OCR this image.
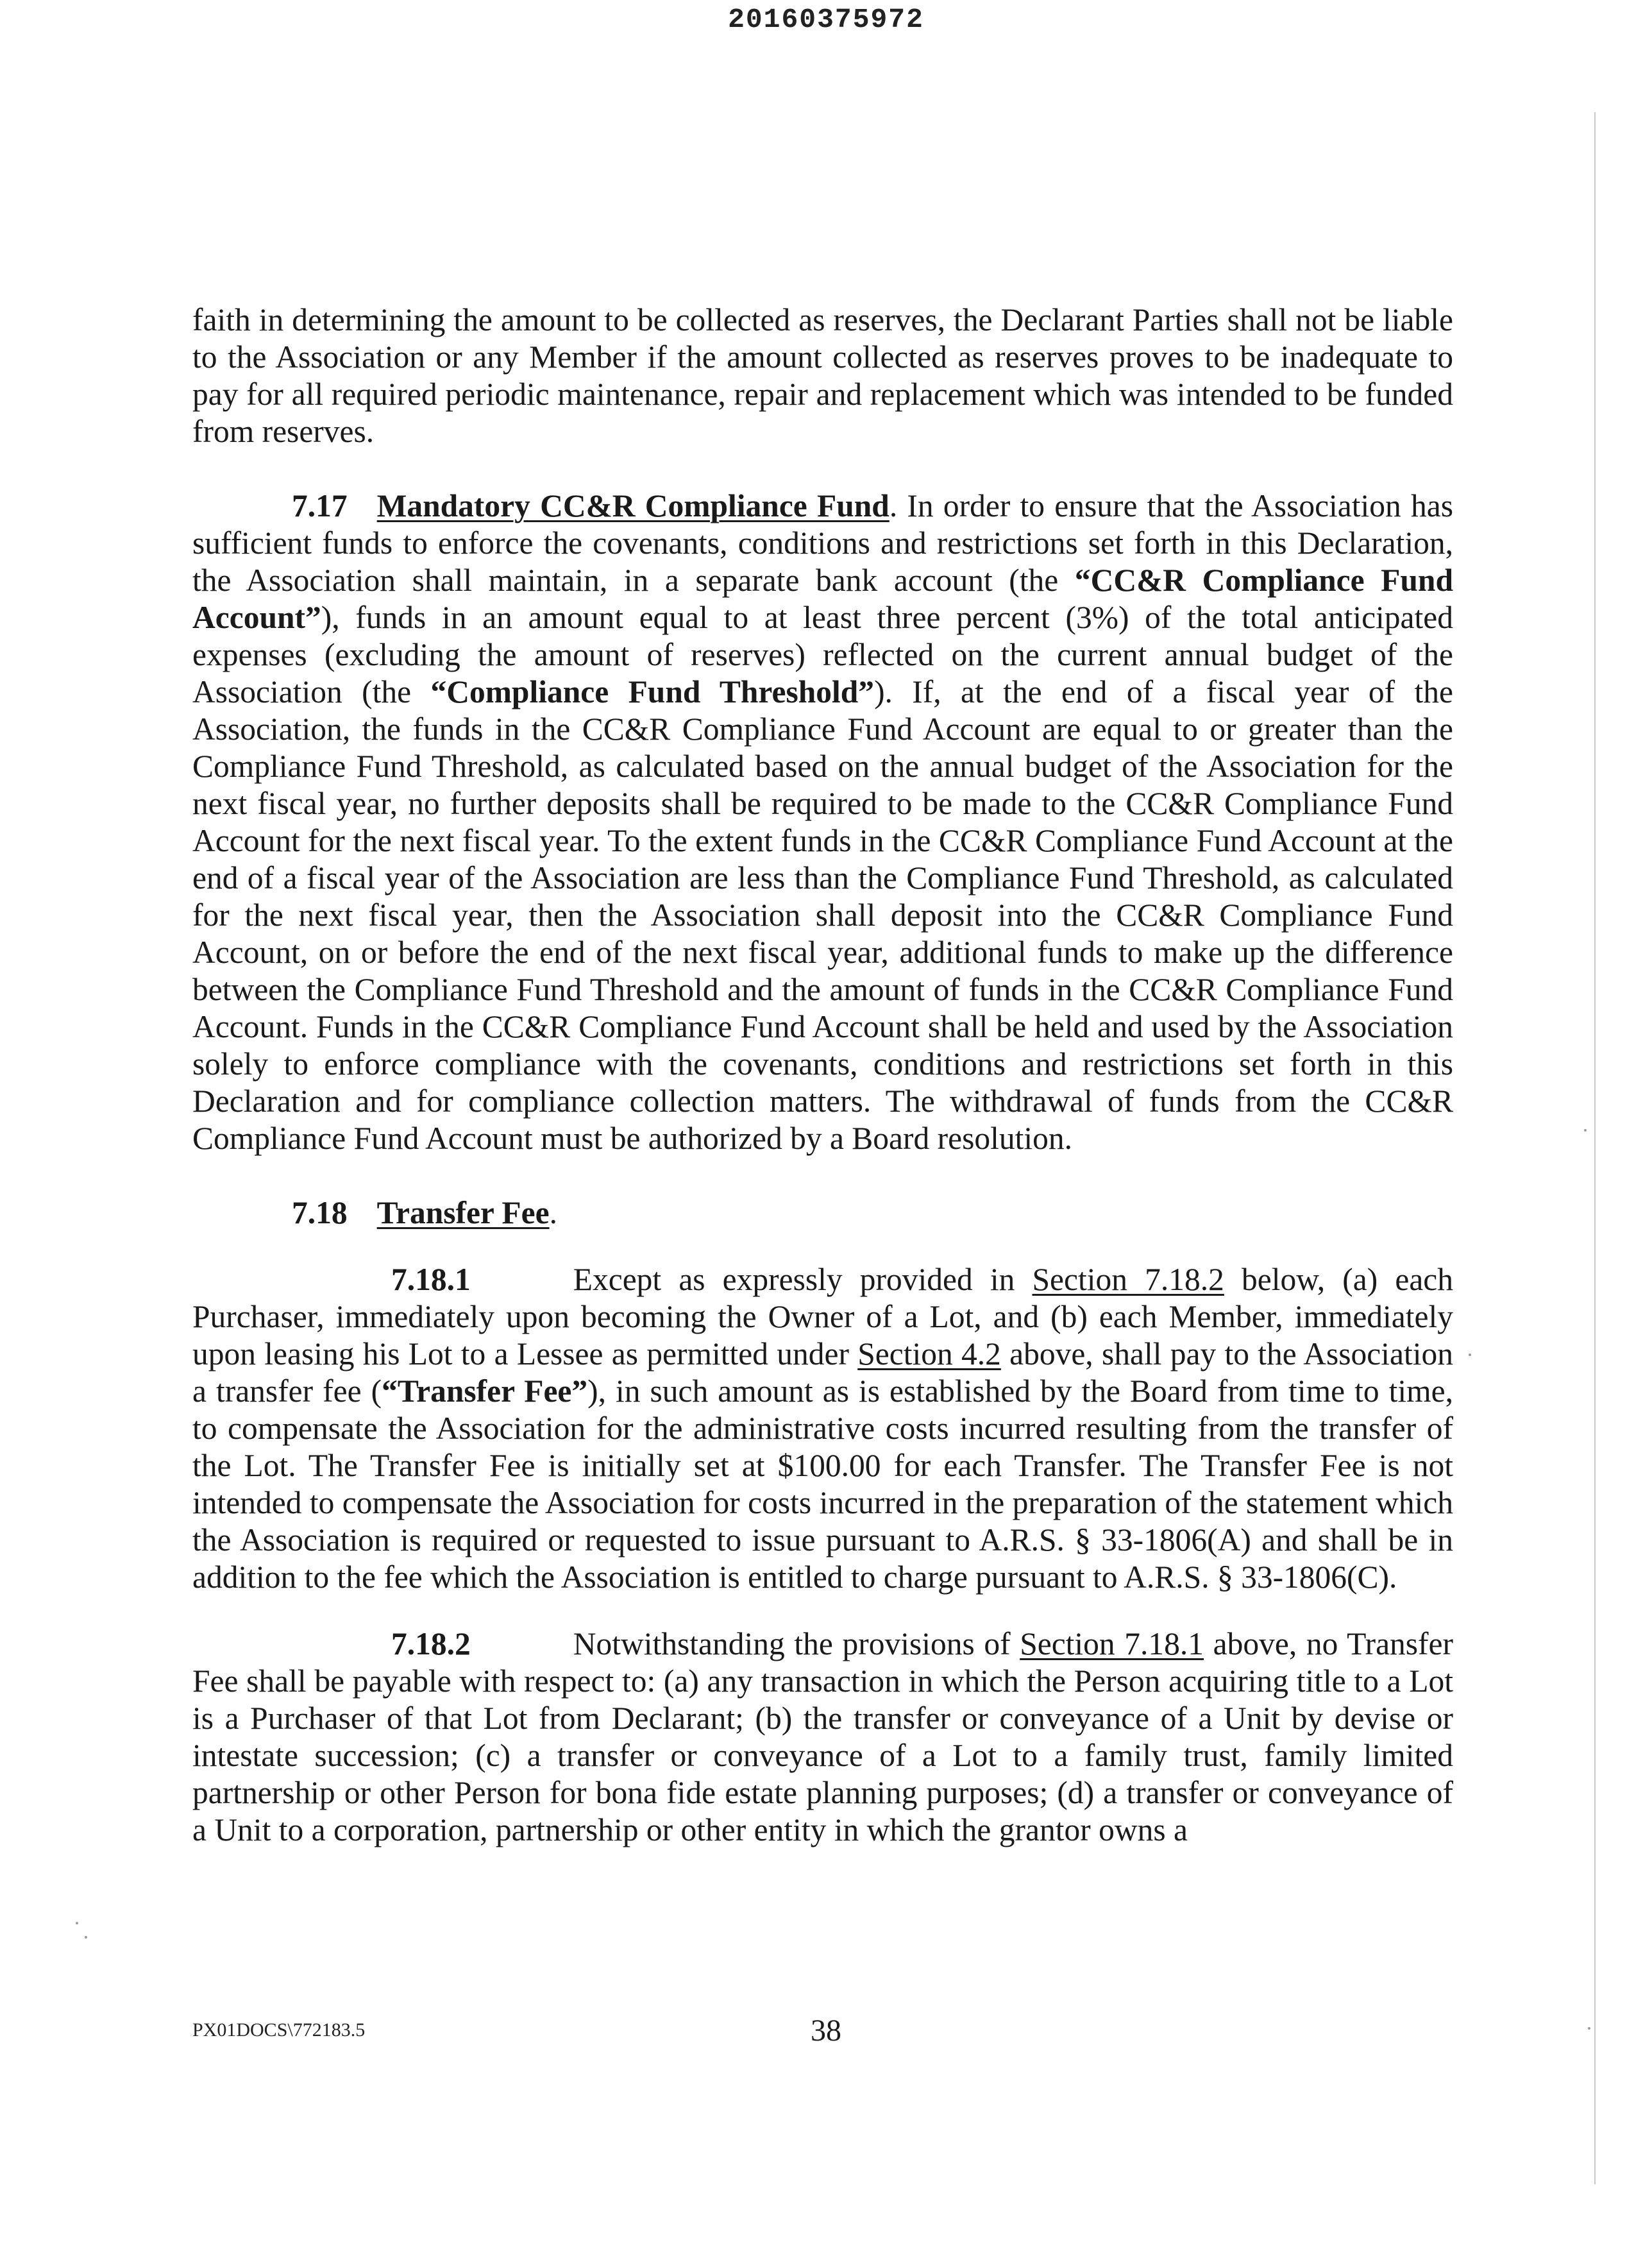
20160375972

faith in determining the amount to be collected as reserves, the Declarant Parties shall not be liable to the Association or any Member if the amount collected as reserves proves to be inadequate to pay for all required periodic maintenance, repair and replacement which was intended to be funded from reserves.

7.17 Mandatory CC&R Compliance Fund. In order to ensure that the Association has sufficient funds to enforce the covenants, conditions and restrictions set forth in this Declaration, the Association shall maintain, in a separate bank account (the “CC&R Compliance Fund Account”), funds in an amount equal to at least three percent (3%) of the total anticipated expenses (excluding the amount of reserves) reflected on the current annual budget of the Association (the “Compliance Fund Threshold”). If, at the end of a fiscal year of the Association, the funds in the CC&R Compliance Fund Account are equal to or greater than the Compliance Fund Threshold, as calculated based on the annual budget of the Association for the next fiscal year, no further deposits shall be required to be made to the CC&R Compliance Fund Account for the next fiscal year. To the extent funds in the CC&R Compliance Fund Account at the end of a fiscal year of the Association are less than the Compliance Fund Threshold, as calculated for the next fiscal year, then the Association shall deposit into the CC&R Compliance Fund Account, on or before the end of the next fiscal year, additional funds to make up the difference between the Compliance Fund Threshold and the amount of funds in the CC&R Compliance Fund Account. Funds in the CC&R Compliance Fund Account shall be held and used by the Association solely to enforce compliance with the covenants, conditions and restrictions set forth in this Declaration and for compliance collection matters. The withdrawal of funds from the CC&R Compliance Fund Account must be authorized by a Board resolution.

7.18 Transfer Fee.

7.18.1	Except as expressly provided in Section 7.18.2 below, (a) each Purchaser, immediately upon becoming the Owner of a Lot, and (b) each Member, immediately upon leasing his Lot to a Lessee as permitted under Section 4.2 above, shall pay to the Association a transfer fee (“Transfer Fee”), in such amount as is established by the Board from time to time, to compensate the Association for the administrative costs incurred resulting from the transfer of the Lot. The Transfer Fee is initially set at $100.00 for each Transfer. The Transfer Fee is not intended to compensate the Association for costs incurred in the preparation of the statement which the Association is required or requested to issue pursuant to A.R.S. § 33-1806(A) and shall be in addition to the fee which the Association is entitled to charge pursuant to A.R.S. § 33-1806(C).

7.18.2	Notwithstanding the provisions of Section 7.18.1 above, no Transfer Fee shall be payable with respect to: (a) any transaction in which the Person acquiring title to a Lot is a Purchaser of that Lot from Declarant; (b) the transfer or conveyance of a Unit by devise or intestate succession; (c) a transfer or conveyance of a Lot to a family trust, family limited partnership or other Person for bona fide estate planning purposes; (d) a transfer or conveyance of a Unit to a corporation, partnership or other entity in which the grantor owns a

PX01DOCS\772183.5	38
